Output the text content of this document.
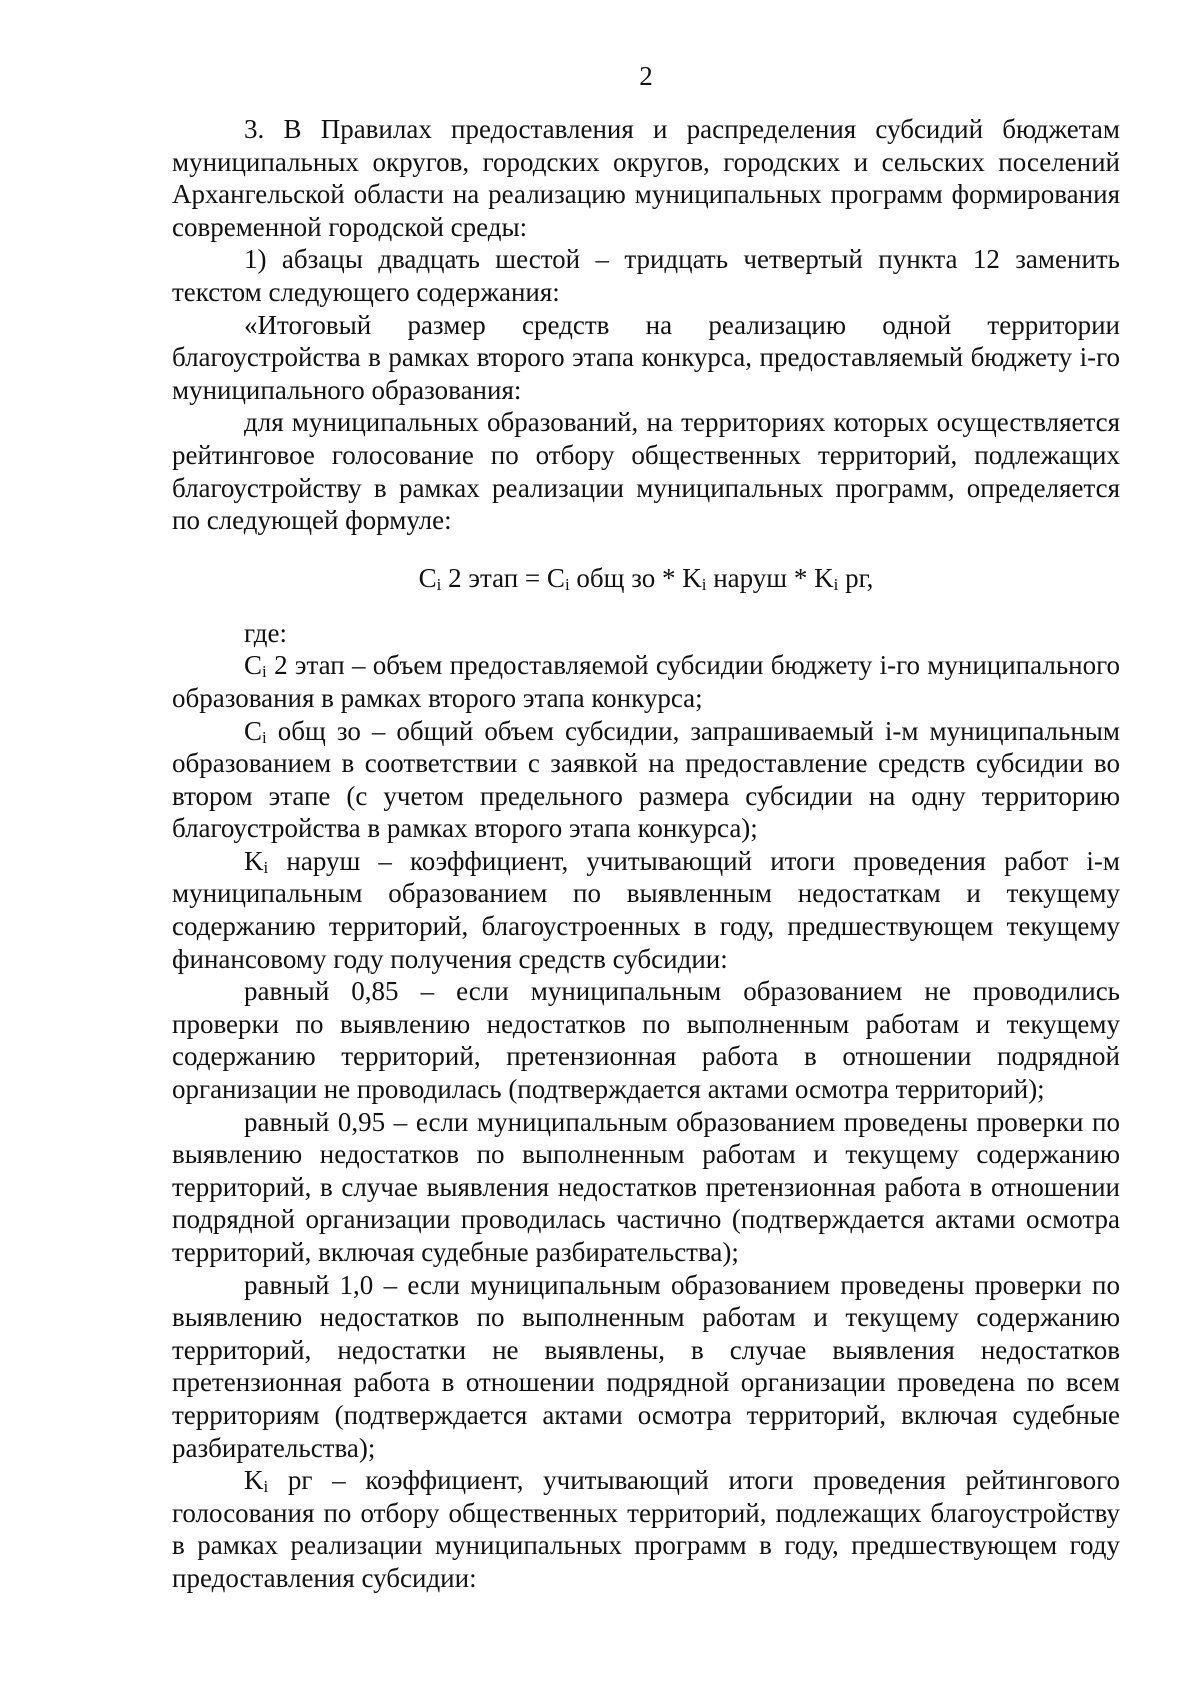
2

3. В Правилах предоставления и распределения субсидий бюджетам муниципальных округов, городских округов, городских и сельских поселений Архангельской области на реализацию муниципальных программ формирования современной городской среды:

1) абзацы двадцать шестой – тридцать четвертый пункта 12 заменить текстом следующего содержания:

«Итоговый размер средств на реализацию одной территории благоустройства в рамках второго этапа конкурса, предоставляемый бюджету i-го муниципального образования:

для муниципальных образований, на территориях которых осуществляется рейтинговое голосование по отбору общественных территорий, подлежащих благоустройству в рамках реализации муниципальных программ, определяется по следующей формуле:

$C_i$ 2 этап = $C_i$ общ зо * $K_i$ наруш * $K_i$ рг,

где:

$C_i$ 2 этап – объем предоставляемой субсидии бюджету i-го муниципального образования в рамках второго этапа конкурса;

$C_i$ общ зо – общий объем субсидии, запрашиваемый i-м муниципальным образованием в соответствии с заявкой на предоставление средств субсидии во втором этапе (с учетом предельного размера субсидии на одну территорию благоустройства в рамках второго этапа конкурса);

$K_i$ наруш – коэффициент, учитывающий итоги проведения работ i-м муниципальным образованием по выявленным недостаткам и текущему содержанию территорий, благоустроенных в году, предшествующем текущему финансовому году получения средств субсидии:

равный 0,85 – если муниципальным образованием не проводились проверки по выявлению недостатков по выполненным работам и текущему содержанию территорий, претензионная работа в отношении подрядной организации не проводилась (подтверждается актами осмотра территорий);

равный 0,95 – если муниципальным образованием проведены проверки по выявлению недостатков по выполненным работам и текущему содержанию территорий, в случае выявления недостатков претензионная работа в отношении подрядной организации проводилась частично (подтверждается актами осмотра территорий, включая судебные разбирательства);

равный 1,0 – если муниципальным образованием проведены проверки по выявлению недостатков по выполненным работам и текущему содержанию территорий, недостатки не выявлены, в случае выявления недостатков претензионная работа в отношении подрядной организации проведена по всем территориям (подтверждается актами осмотра территорий, включая судебные разбирательства);

$K_i$ рг – коэффициент, учитывающий итоги проведения рейтингового голосования по отбору общественных территорий, подлежащих благоустройству в рамках реализации муниципальных программ в году, предшествующем году предоставления субсидии:
